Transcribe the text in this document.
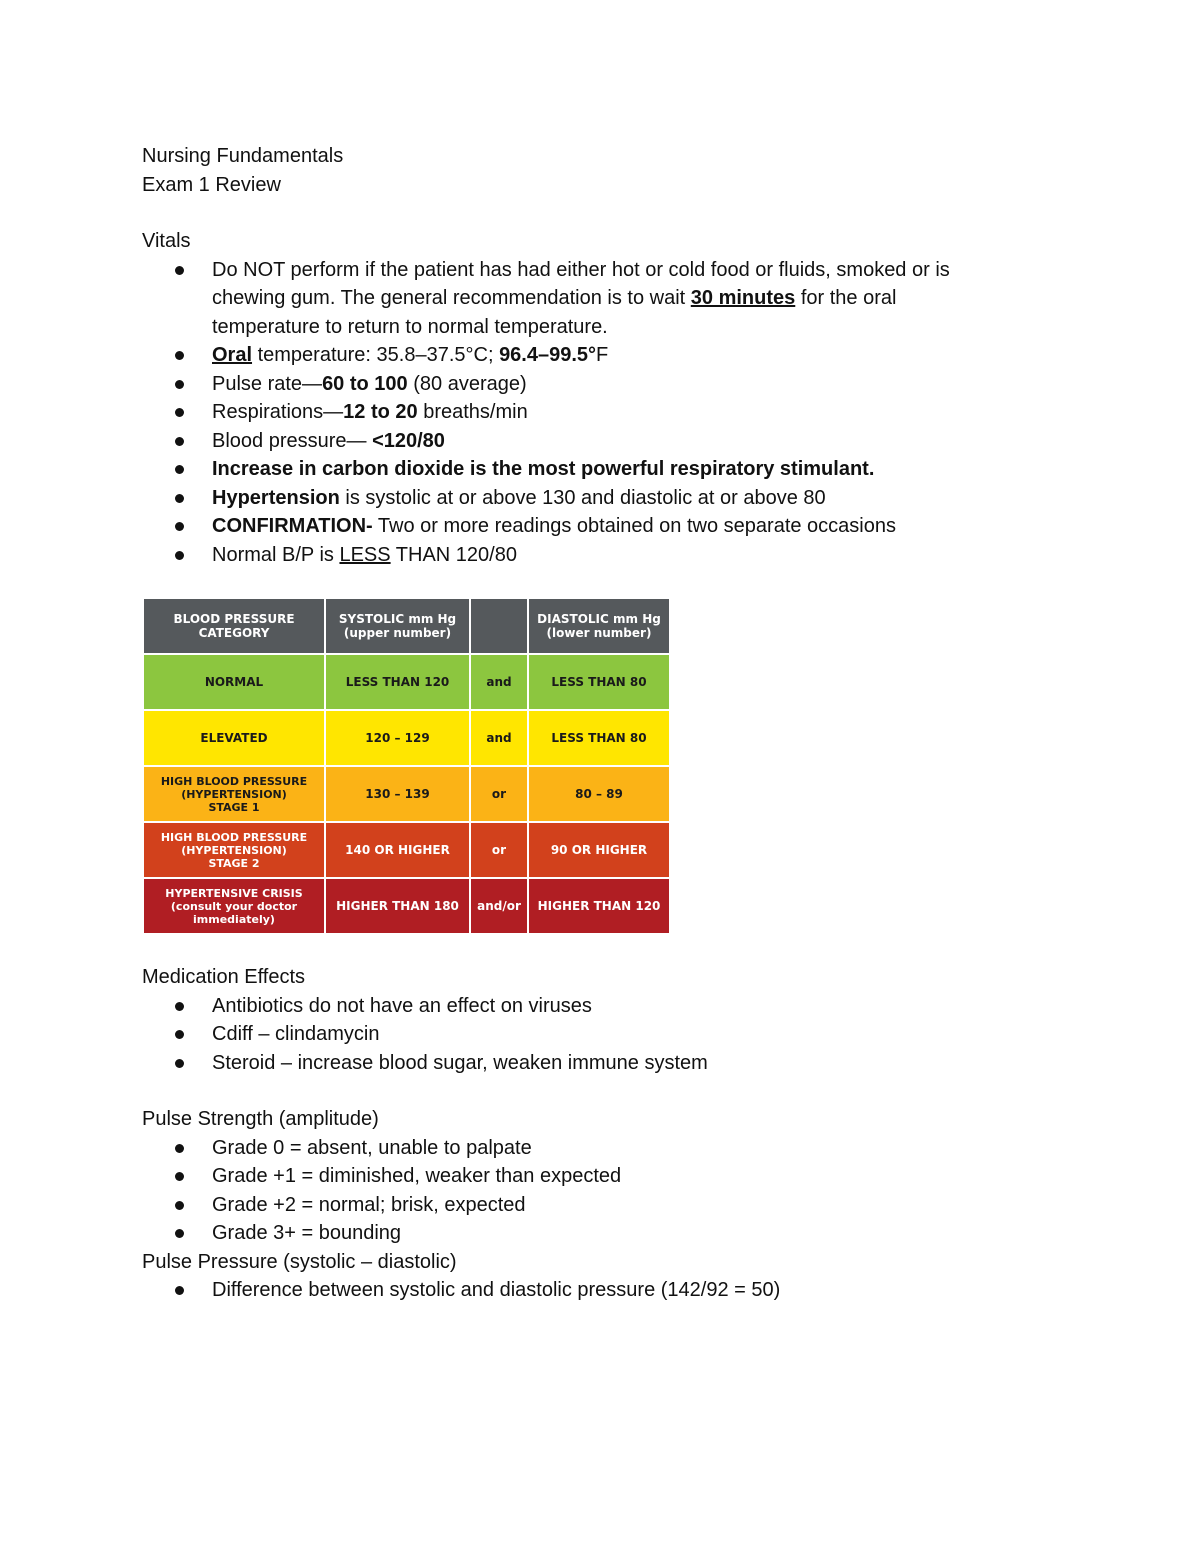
Nursing Fundamentals
Exam 1 Review
Vitals
Do NOT perform if the patient has had either hot or cold food or fluids, smoked or is
chewing gum. The general recommendation is to wait 30 minutes for the oral
temperature to return to normal temperature.
Oral temperature: 35.8–37.5°C; 96.4–99.5°F
Pulse rate—60 to 100 (80 average)
Respirations—12 to 20 breaths/min
Blood pressure— <120/80
Increase in carbon dioxide is the most powerful respiratory stimulant.
Hypertension is systolic at or above 130 and diastolic at or above 80
CONFIRMATION- Two or more readings obtained on two separate occasions
Normal B/P is LESS THAN 120/80
BLOOD PRESSURE
CATEGORY	SYSTOLIC mm Hg
(upper number)		DIASTOLIC mm Hg
(lower number)
NORMAL	LESS THAN 120	and	LESS THAN 80
ELEVATED	120 – 129	and	LESS THAN 80
HIGH BLOOD PRESSURE
(HYPERTENSION)
STAGE 1	130 – 139	or	80 – 89
HIGH BLOOD PRESSURE
(HYPERTENSION)
STAGE 2	140 OR HIGHER	or	90 OR HIGHER
HYPERTENSIVE CRISIS
(consult your doctor
immediately)	HIGHER THAN 180	and/or	HIGHER THAN 120
Medication Effects
Antibiotics do not have an effect on viruses
Cdiff – clindamycin
Steroid – increase blood sugar, weaken immune system
Pulse Strength (amplitude)
Grade 0 = absent, unable to palpate
Grade +1 = diminished, weaker than expected
Grade +2 = normal; brisk, expected
Grade 3+ = bounding
Pulse Pressure (systolic – diastolic)
Difference between systolic and diastolic pressure (142/92 = 50)
